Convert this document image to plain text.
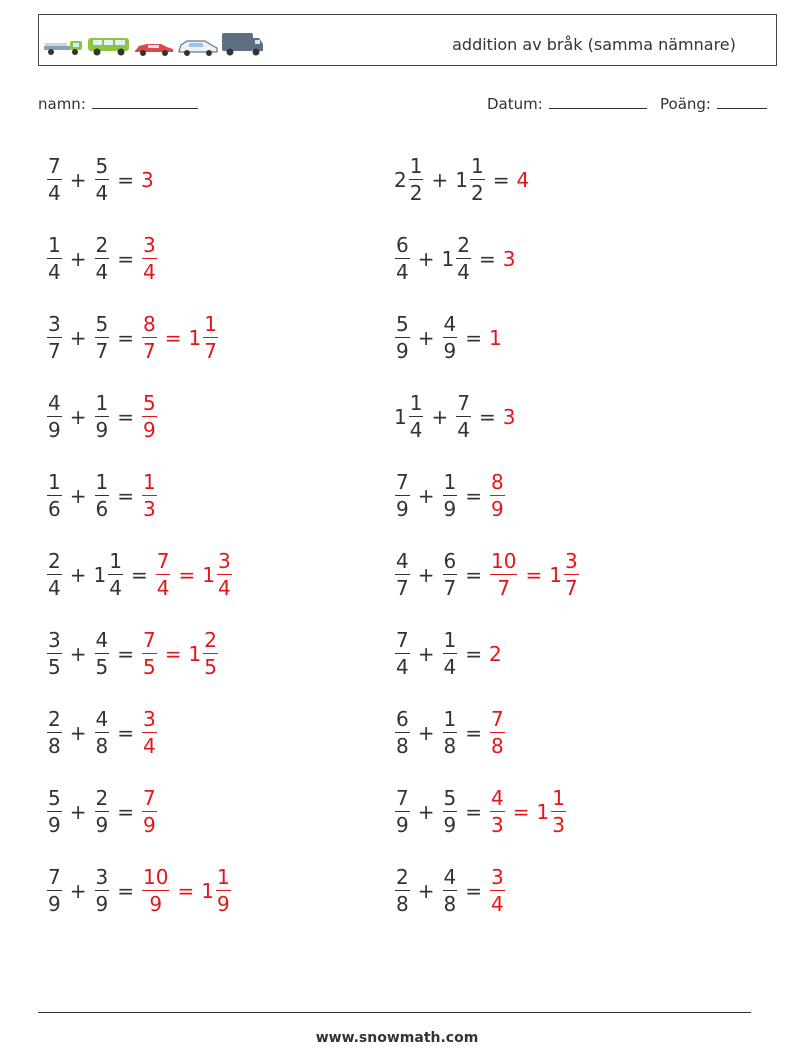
addition av bråk (samma nämnare)
namn:	Datum:	Poäng:
$\frac{7}{4} + \frac{5}{4} = 3$
$\frac{1}{4} + \frac{2}{4} = \frac{3}{4}$
$\frac{3}{7} + \frac{5}{7} = \frac{8}{7} = 1 \frac{1}{7}$
$\frac{4}{9} + \frac{1}{9} = \frac{5}{9}$
$\frac{1}{6} + \frac{1}{6} = \frac{1}{3}$
$\frac{2}{4} + 1 \frac{1}{4} = \frac{7}{4} = 1 \frac{3}{4}$
$\frac{3}{5} + \frac{4}{5} = \frac{7}{5} = 1 \frac{2}{5}$
$\frac{2}{8} + \frac{4}{8} = \frac{3}{4}$
$\frac{5}{9} + \frac{2}{9} = \frac{7}{9}$
$\frac{7}{9} + \frac{3}{9} = \frac{10}{9} = 1 \frac{1}{9}$
$2 \frac{1}{2} + 1 \frac{1}{2} = 4$
$\frac{6}{4} + 1 \frac{2}{4} = 3$
$\frac{5}{9} + \frac{4}{9} = 1$
$1 \frac{1}{4} + \frac{7}{4} = 3$
$\frac{7}{9} + \frac{1}{9} = \frac{8}{9}$
$\frac{4}{7} + \frac{6}{7} = \frac{10}{7} = 1 \frac{3}{7}$
$\frac{7}{4} + \frac{1}{4} = 2$
$\frac{6}{8} + \frac{1}{8} = \frac{7}{8}$
$\frac{7}{9} + \frac{5}{9} = \frac{4}{3} = 1 \frac{1}{3}$
$\frac{2}{8} + \frac{4}{8} = \frac{3}{4}$
www.snowmath.com
